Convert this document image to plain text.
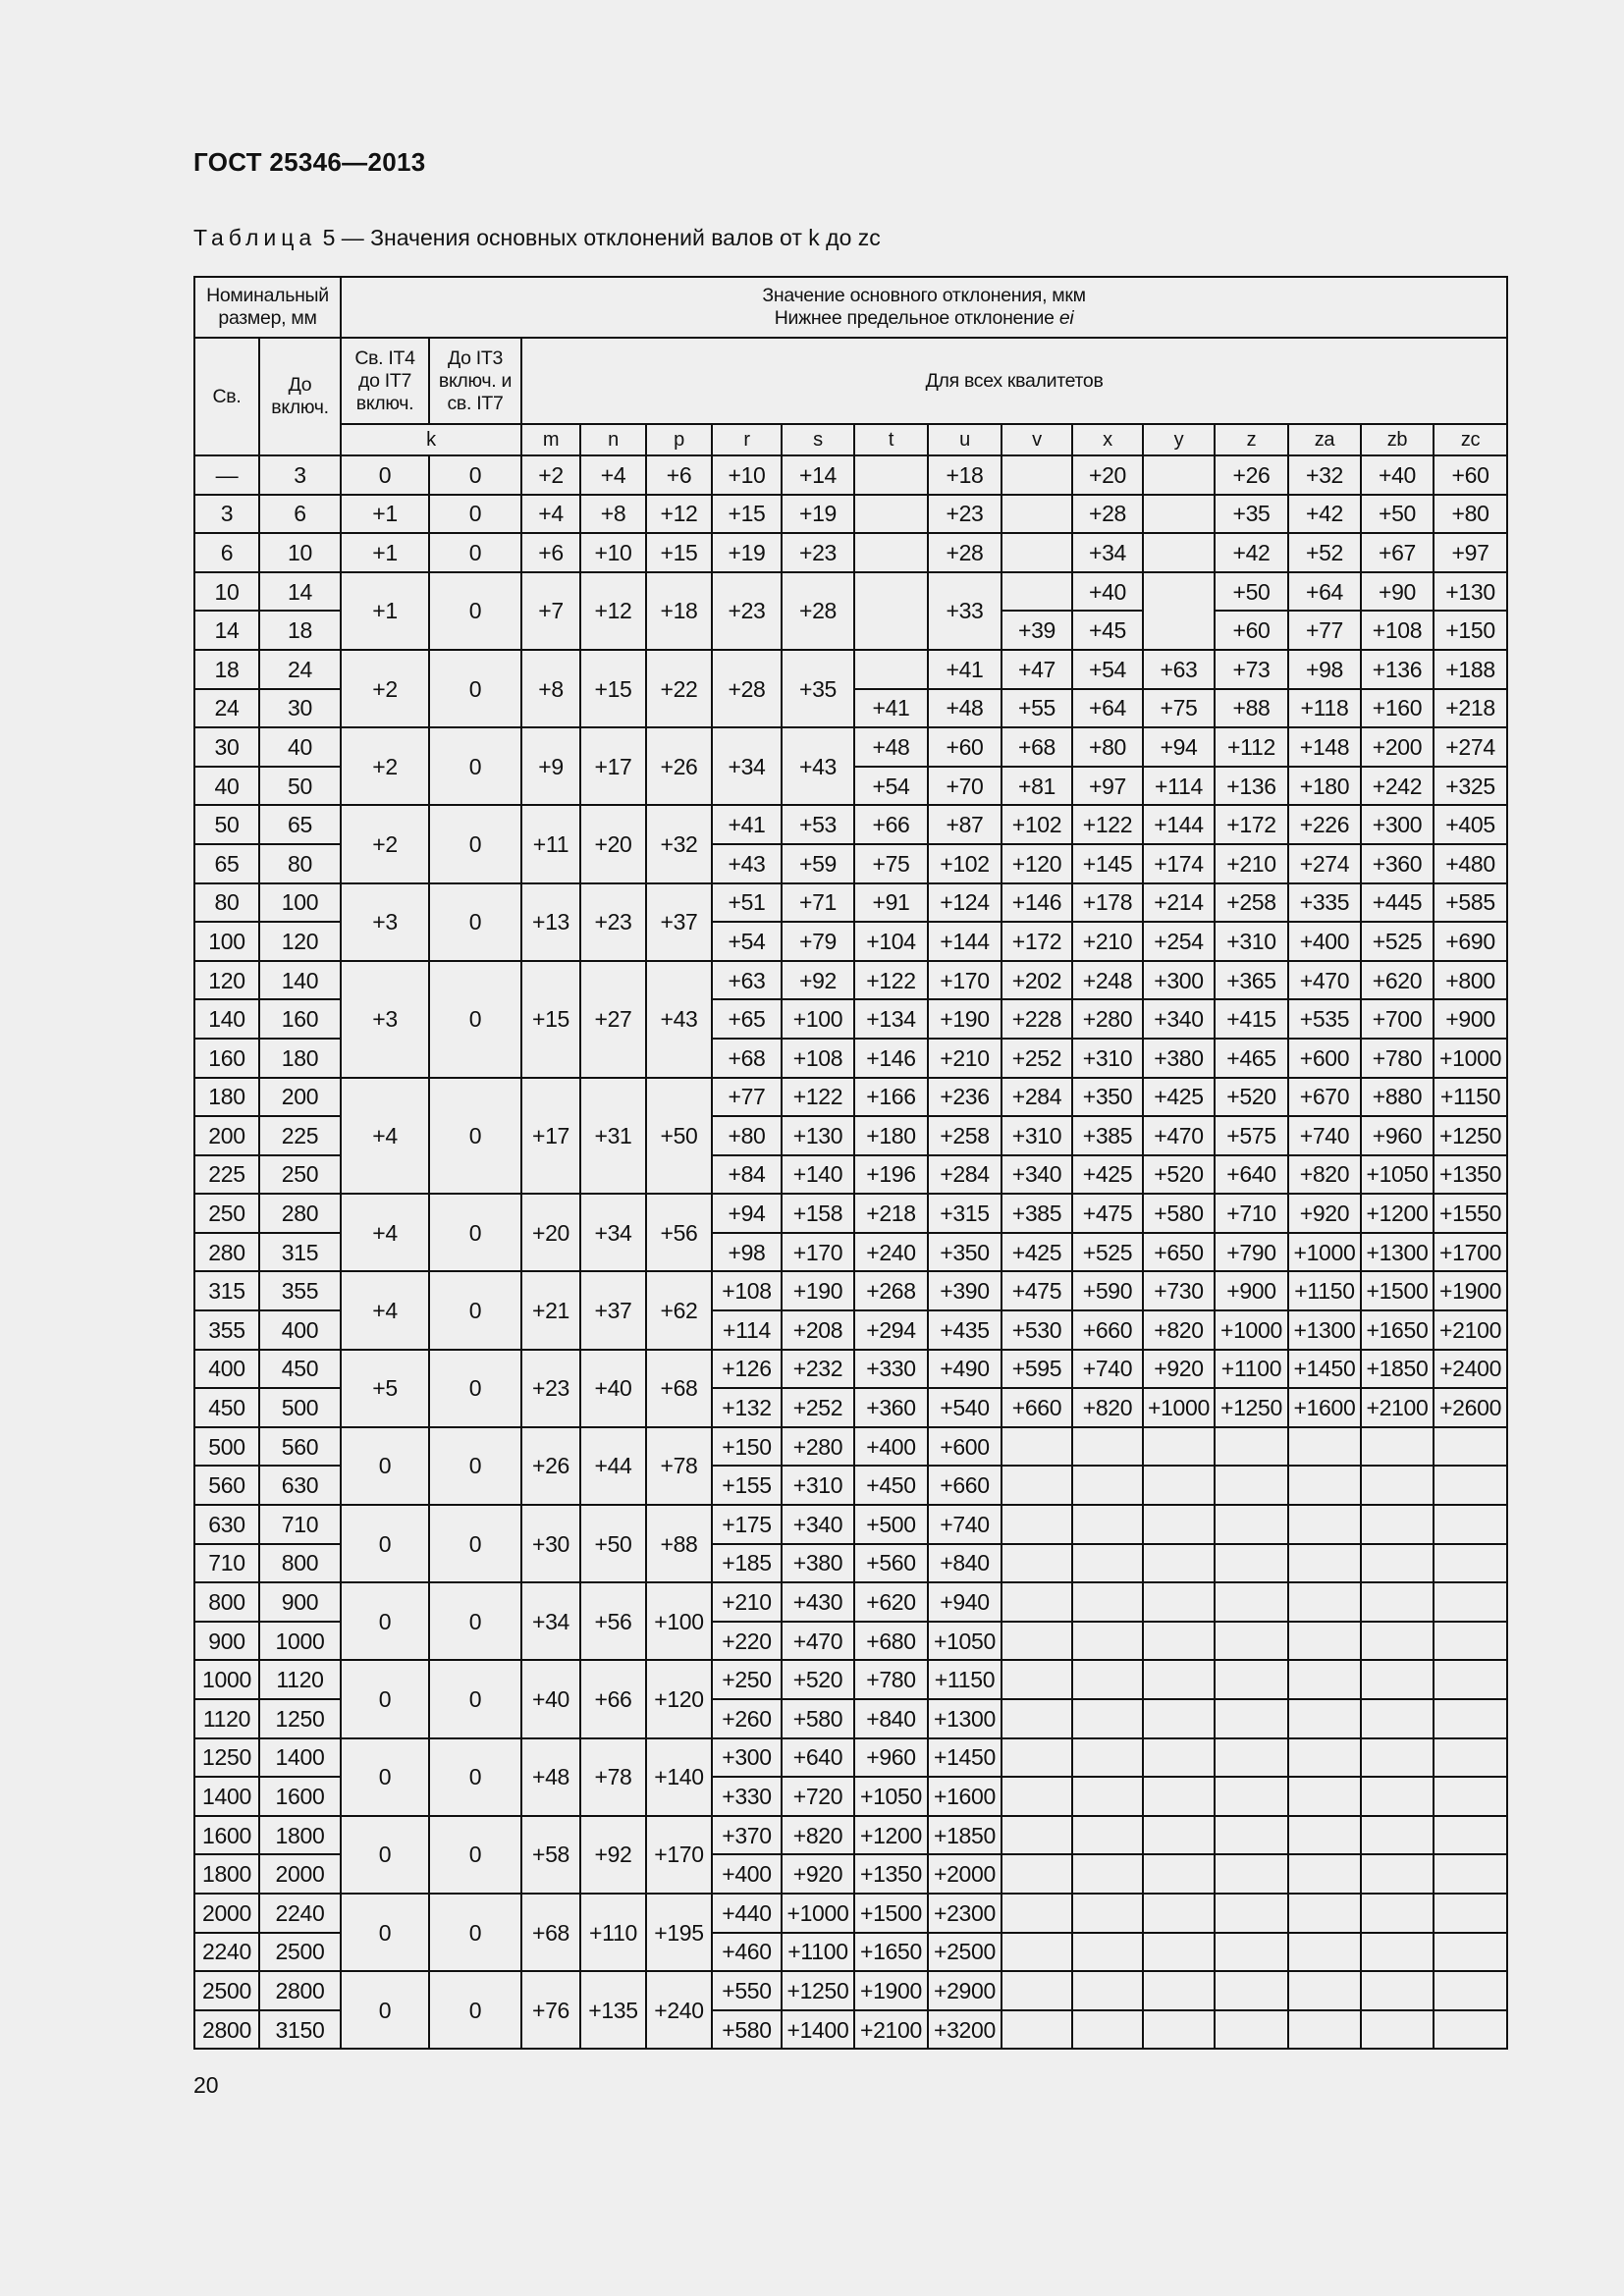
ГОСТ 25346—2013
Таблица 5 — Значения основных отклонений валов от k до zc
Номинальный размер, мм		Значение основного отклонения, мкм
Нижнее предельное отклонение ei															
Св.	До включ.	Св. IT4 до IT7 включ.	До IT3 включ. и св. IT7	Для всех квалитетов													
		k		m	n	p	r	s	t	u	v	x	y	z	za	zb	zc
—	3	0	0	+2	+4	+6	+10	+14		+18		+20		+26	+32	+40	+60
3	6	+1	0	+4	+8	+12	+15	+19		+23		+28		+35	+42	+50	+80
6	10	+1	0	+6	+10	+15	+19	+23		+28		+34		+42	+52	+67	+97
10	14	+1	0	+7	+12	+18	+23	+28		+33		+40		+50	+64	+90	+130
14	18										+39	+45		+60	+77	+108	+150
18	24	+2	0	+8	+15	+22	+28	+35		+41	+47	+54	+63	+73	+98	+136	+188
24	30								+41	+48	+55	+64	+75	+88	+118	+160	+218
30	40	+2	0	+9	+17	+26	+34	+43	+48	+60	+68	+80	+94	+112	+148	+200	+274
40	50								+54	+70	+81	+97	+114	+136	+180	+242	+325
50	65	+2	0	+11	+20	+32	+41	+53	+66	+87	+102	+122	+144	+172	+226	+300	+405
65	80						+43	+59	+75	+102	+120	+145	+174	+210	+274	+360	+480
80	100	+3	0	+13	+23	+37	+51	+71	+91	+124	+146	+178	+214	+258	+335	+445	+585
100	120						+54	+79	+104	+144	+172	+210	+254	+310	+400	+525	+690
120	140	+3	0	+15	+27	+43	+63	+92	+122	+170	+202	+248	+300	+365	+470	+620	+800
140	160						+65	+100	+134	+190	+228	+280	+340	+415	+535	+700	+900
160	180						+68	+108	+146	+210	+252	+310	+380	+465	+600	+780	+1000
180	200	+4	0	+17	+31	+50	+77	+122	+166	+236	+284	+350	+425	+520	+670	+880	+1150
200	225						+80	+130	+180	+258	+310	+385	+470	+575	+740	+960	+1250
225	250						+84	+140	+196	+284	+340	+425	+520	+640	+820	+1050	+1350
250	280	+4	0	+20	+34	+56	+94	+158	+218	+315	+385	+475	+580	+710	+920	+1200	+1550
280	315						+98	+170	+240	+350	+425	+525	+650	+790	+1000	+1300	+1700
315	355	+4	0	+21	+37	+62	+108	+190	+268	+390	+475	+590	+730	+900	+1150	+1500	+1900
355	400						+114	+208	+294	+435	+530	+660	+820	+1000	+1300	+1650	+2100
400	450	+5	0	+23	+40	+68	+126	+232	+330	+490	+595	+740	+920	+1100	+1450	+1850	+2400
450	500						+132	+252	+360	+540	+660	+820	+1000	+1250	+1600	+2100	+2600
500	560	0	0	+26	+44	+78	+150	+280	+400	+600							
560	630						+155	+310	+450	+660							
630	710	0	0	+30	+50	+88	+175	+340	+500	+740							
710	800						+185	+380	+560	+840							
800	900	0	0	+34	+56	+100	+210	+430	+620	+940							
900	1000						+220	+470	+680	+1050							
1000	1120	0	0	+40	+66	+120	+250	+520	+780	+1150							
1120	1250						+260	+580	+840	+1300							
1250	1400	0	0	+48	+78	+140	+300	+640	+960	+1450							
1400	1600						+330	+720	+1050	+1600							
1600	1800	0	0	+58	+92	+170	+370	+820	+1200	+1850							
1800	2000						+400	+920	+1350	+2000							
2000	2240	0	0	+68	+110	+195	+440	+1000	+1500	+2300							
2240	2500						+460	+1100	+1650	+2500							
2500	2800	0	0	+76	+135	+240	+550	+1250	+1900	+2900							
2800	3150						+580	+1400	+2100	+3200							
20
